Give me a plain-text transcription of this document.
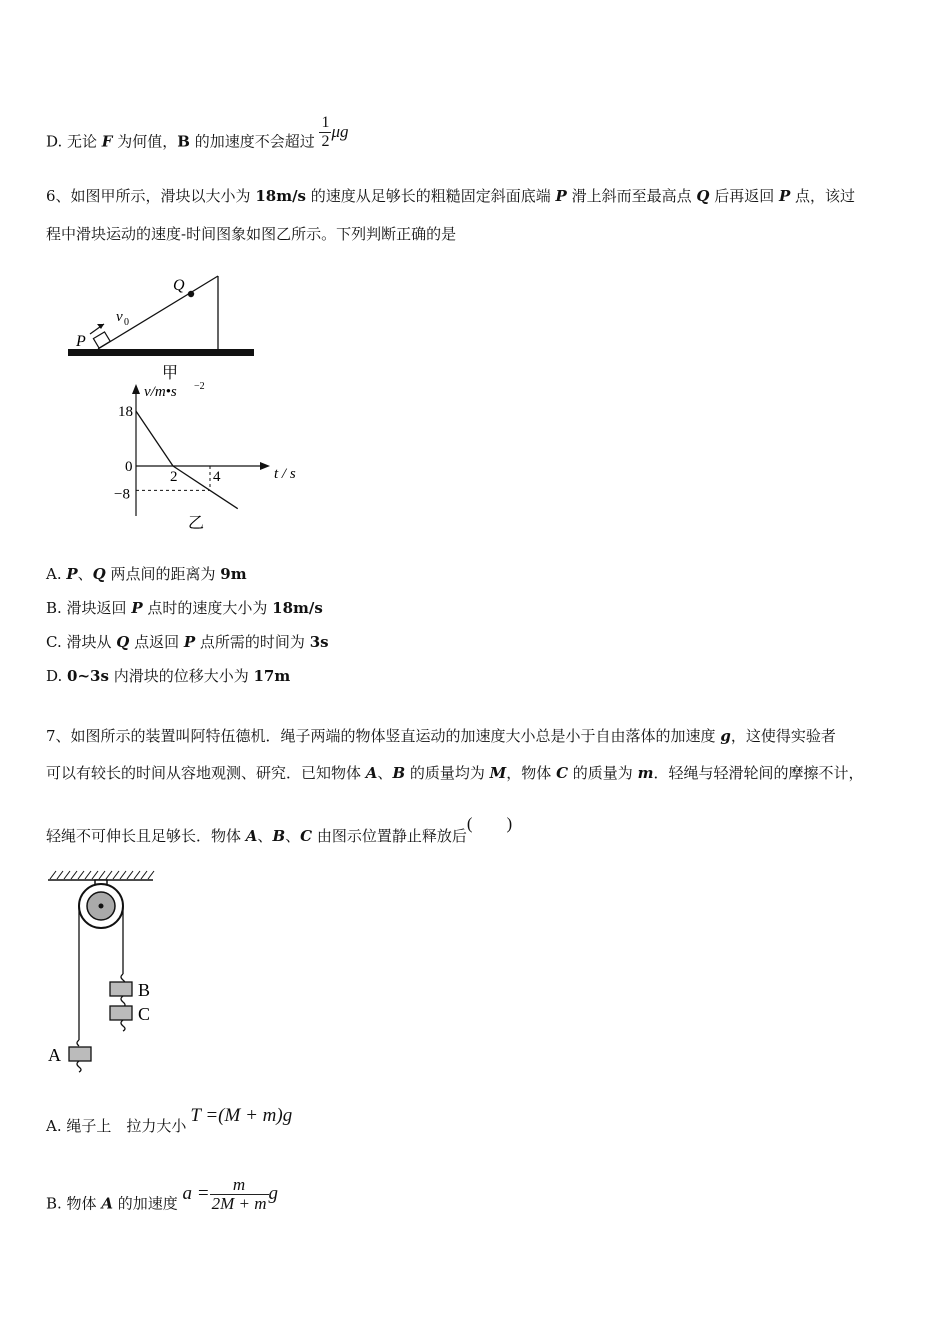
D. 无论 F 为何值，B 的加速度不会超过 $\frac{1}{2}$ μg
6、如图甲所示，滑块以大小为 18m/s 的速度从足够长的粗糙固定斜面底端 P 滑上斜而至最高点 Q 后再返回 P 点，该过
程中滑块运动的速度-时间图象如图乙所示。下列判断正确的是
P
Q
v 0
甲
18
0
−8
2 4
v/m•s −2
t / s
乙
A. P、Q 两点间的距离为 9m
B. 滑块返回 P 点时的速度大小为 18m/s
C. 滑块从 Q 点返回 P 点所需的时间为 3s
D. 0~3s 内滑块的位移大小为 17m
7、如图所示的装置叫阿特伍德机．绳子两端的物体竖直运动的加速度大小总是小于自由落体的加速度 g，这使得实验者
可以有较长的时间从容地观测、研究．已知物体 A、B 的质量均为 M，物体 C 的质量为 m．轻绳与轻滑轮间的摩擦不计，
轻绳不可伸长且足够长．物体 A、B、C 由图示位置静止释放后(　　)
B
C
A
A. 绳子上　拉力大小 T =(M + m)g
B. 物体 A 的加速度 $a = \frac{m}{2M + m}$ g
